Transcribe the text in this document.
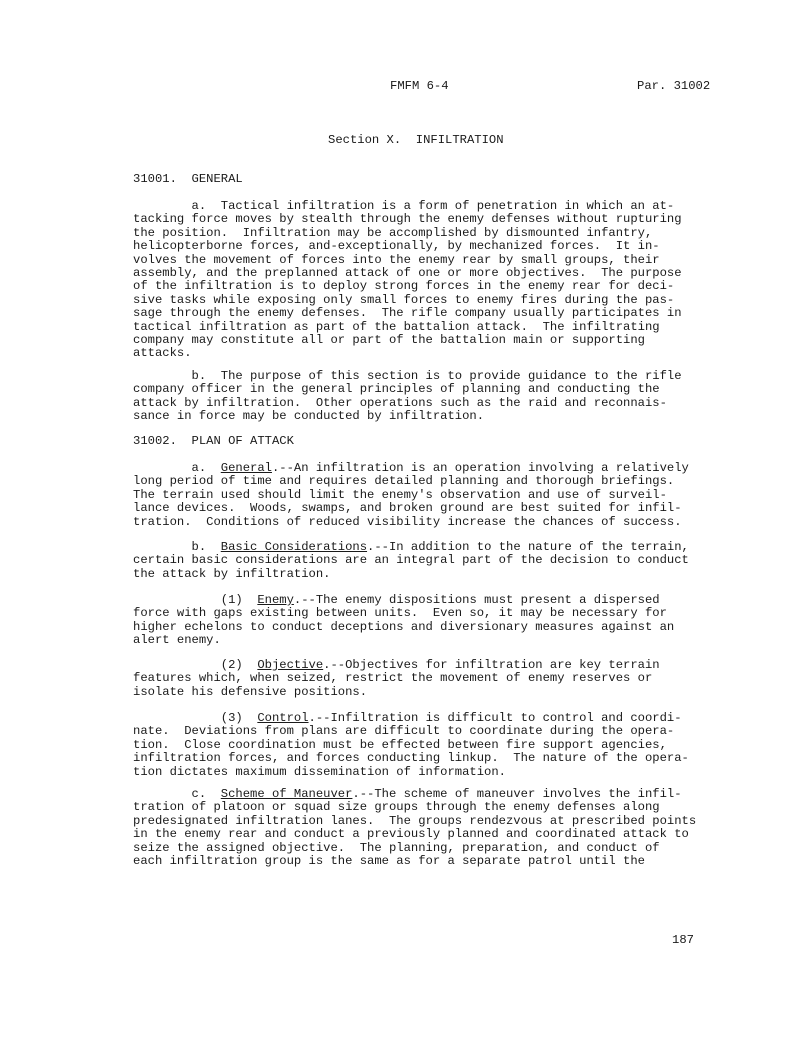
FMFM 6-4	Par. 31002
Section X.  INFILTRATION
31001.  GENERAL
a.  Tactical infiltration is a form of penetration in which an at-
tacking force moves by stealth through the enemy defenses without rupturing
the position.  Infiltration may be accomplished by dismounted infantry,
helicopterborne forces, and-exceptionally, by mechanized forces.  It in-
volves the movement of forces into the enemy rear by small groups, their
assembly, and the preplanned attack of one or more objectives.  The purpose
of the infiltration is to deploy strong forces in the enemy rear for deci-
sive tasks while exposing only small forces to enemy fires during the pas-
sage through the enemy defenses.  The rifle company usually participates in
tactical infiltration as part of the battalion attack.  The infiltrating
company may constitute all or part of the battalion main or supporting
attacks.
b.  The purpose of this section is to provide guidance to the rifle
company officer in the general principles of planning and conducting the
attack by infiltration.  Other operations such as the raid and reconnais-
sance in force may be conducted by infiltration.
31002.  PLAN OF ATTACK
a.  General.--An infiltration is an operation involving a relatively
long period of time and requires detailed planning and thorough briefings.
The terrain used should limit the enemy's observation and use of surveil-
lance devices.  Woods, swamps, and broken ground are best suited for infil-
tration.  Conditions of reduced visibility increase the chances of success.
b.  Basic Considerations.--In addition to the nature of the terrain,
certain basic considerations are an integral part of the decision to conduct
the attack by infiltration.
(1)  Enemy.--The enemy dispositions must present a dispersed
force with gaps existing between units.  Even so, it may be necessary for
higher echelons to conduct deceptions and diversionary measures against an
alert enemy.
(2)  Objective.--Objectives for infiltration are key terrain
features which, when seized, restrict the movement of enemy reserves or
isolate his defensive positions.
(3)  Control.--Infiltration is difficult to control and coordi-
nate.  Deviations from plans are difficult to coordinate during the opera-
tion.  Close coordination must be effected between fire support agencies,
infiltration forces, and forces conducting linkup.  The nature of the opera-
tion dictates maximum dissemination of information.
c.  Scheme of Maneuver.--The scheme of maneuver involves the infil-
tration of platoon or squad size groups through the enemy defenses along
predesignated infiltration lanes.  The groups rendezvous at prescribed points
in the enemy rear and conduct a previously planned and coordinated attack to
seize the assigned objective.  The planning, preparation, and conduct of
each infiltration group is the same as for a separate patrol until the
187
